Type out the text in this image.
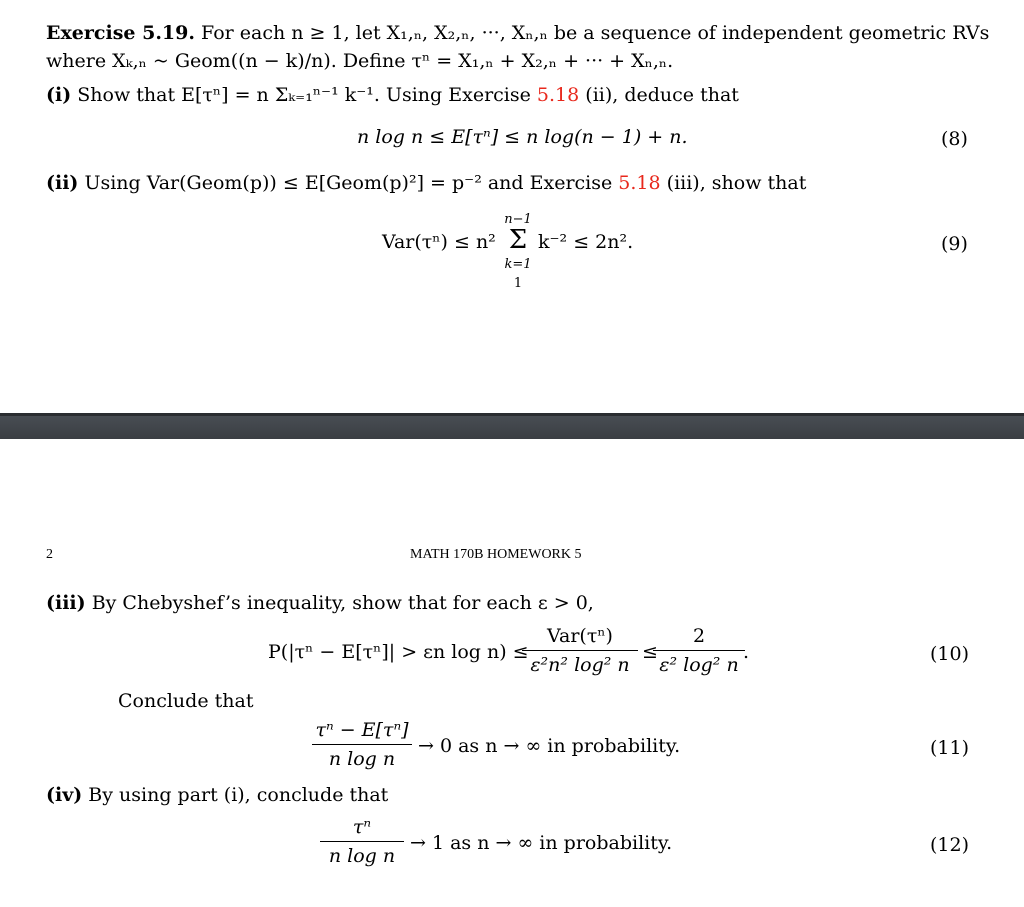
Exercise 5.19. For each n ≥ 1, let X₁,ₙ, X₂,ₙ, ···, Xₙ,ₙ be a sequence of independent geometric RVs
where Xₖ,ₙ ~ Geom((n − k)/n). Define τⁿ = X₁,ₙ + X₂,ₙ + ··· + Xₙ,ₙ.
(i) Show that E[τⁿ] = n Σₖ₌₁ⁿ⁻¹ k⁻¹. Using Exercise 5.18 (ii), deduce that
n log n ≤ E[τⁿ] ≤ n log(n − 1) + n.	(8)
(ii) Using Var(Geom(p)) ≤ E[Geom(p)²] = p⁻² and Exercise 5.18 (iii), show that
Var(τⁿ) ≤ n²
n−1
Σ
k=1
1
k⁻² ≤ 2n².	(9)
2	MATH 170B HOMEWORK 5
(iii) By Chebyshef’s inequality, show that for each ε > 0,
P(|τⁿ − E[τⁿ]| > εn log n) ≤
Var(τⁿ)
ε²n² log² n
≤
2
ε² log² n
.	(10)
Conclude that
τⁿ − E[τⁿ]
n log n
→ 0 as n → ∞ in probability.	(11)
(iv) By using part (i), conclude that
τⁿ
n log n
→ 1 as n → ∞ in probability.	(12)
